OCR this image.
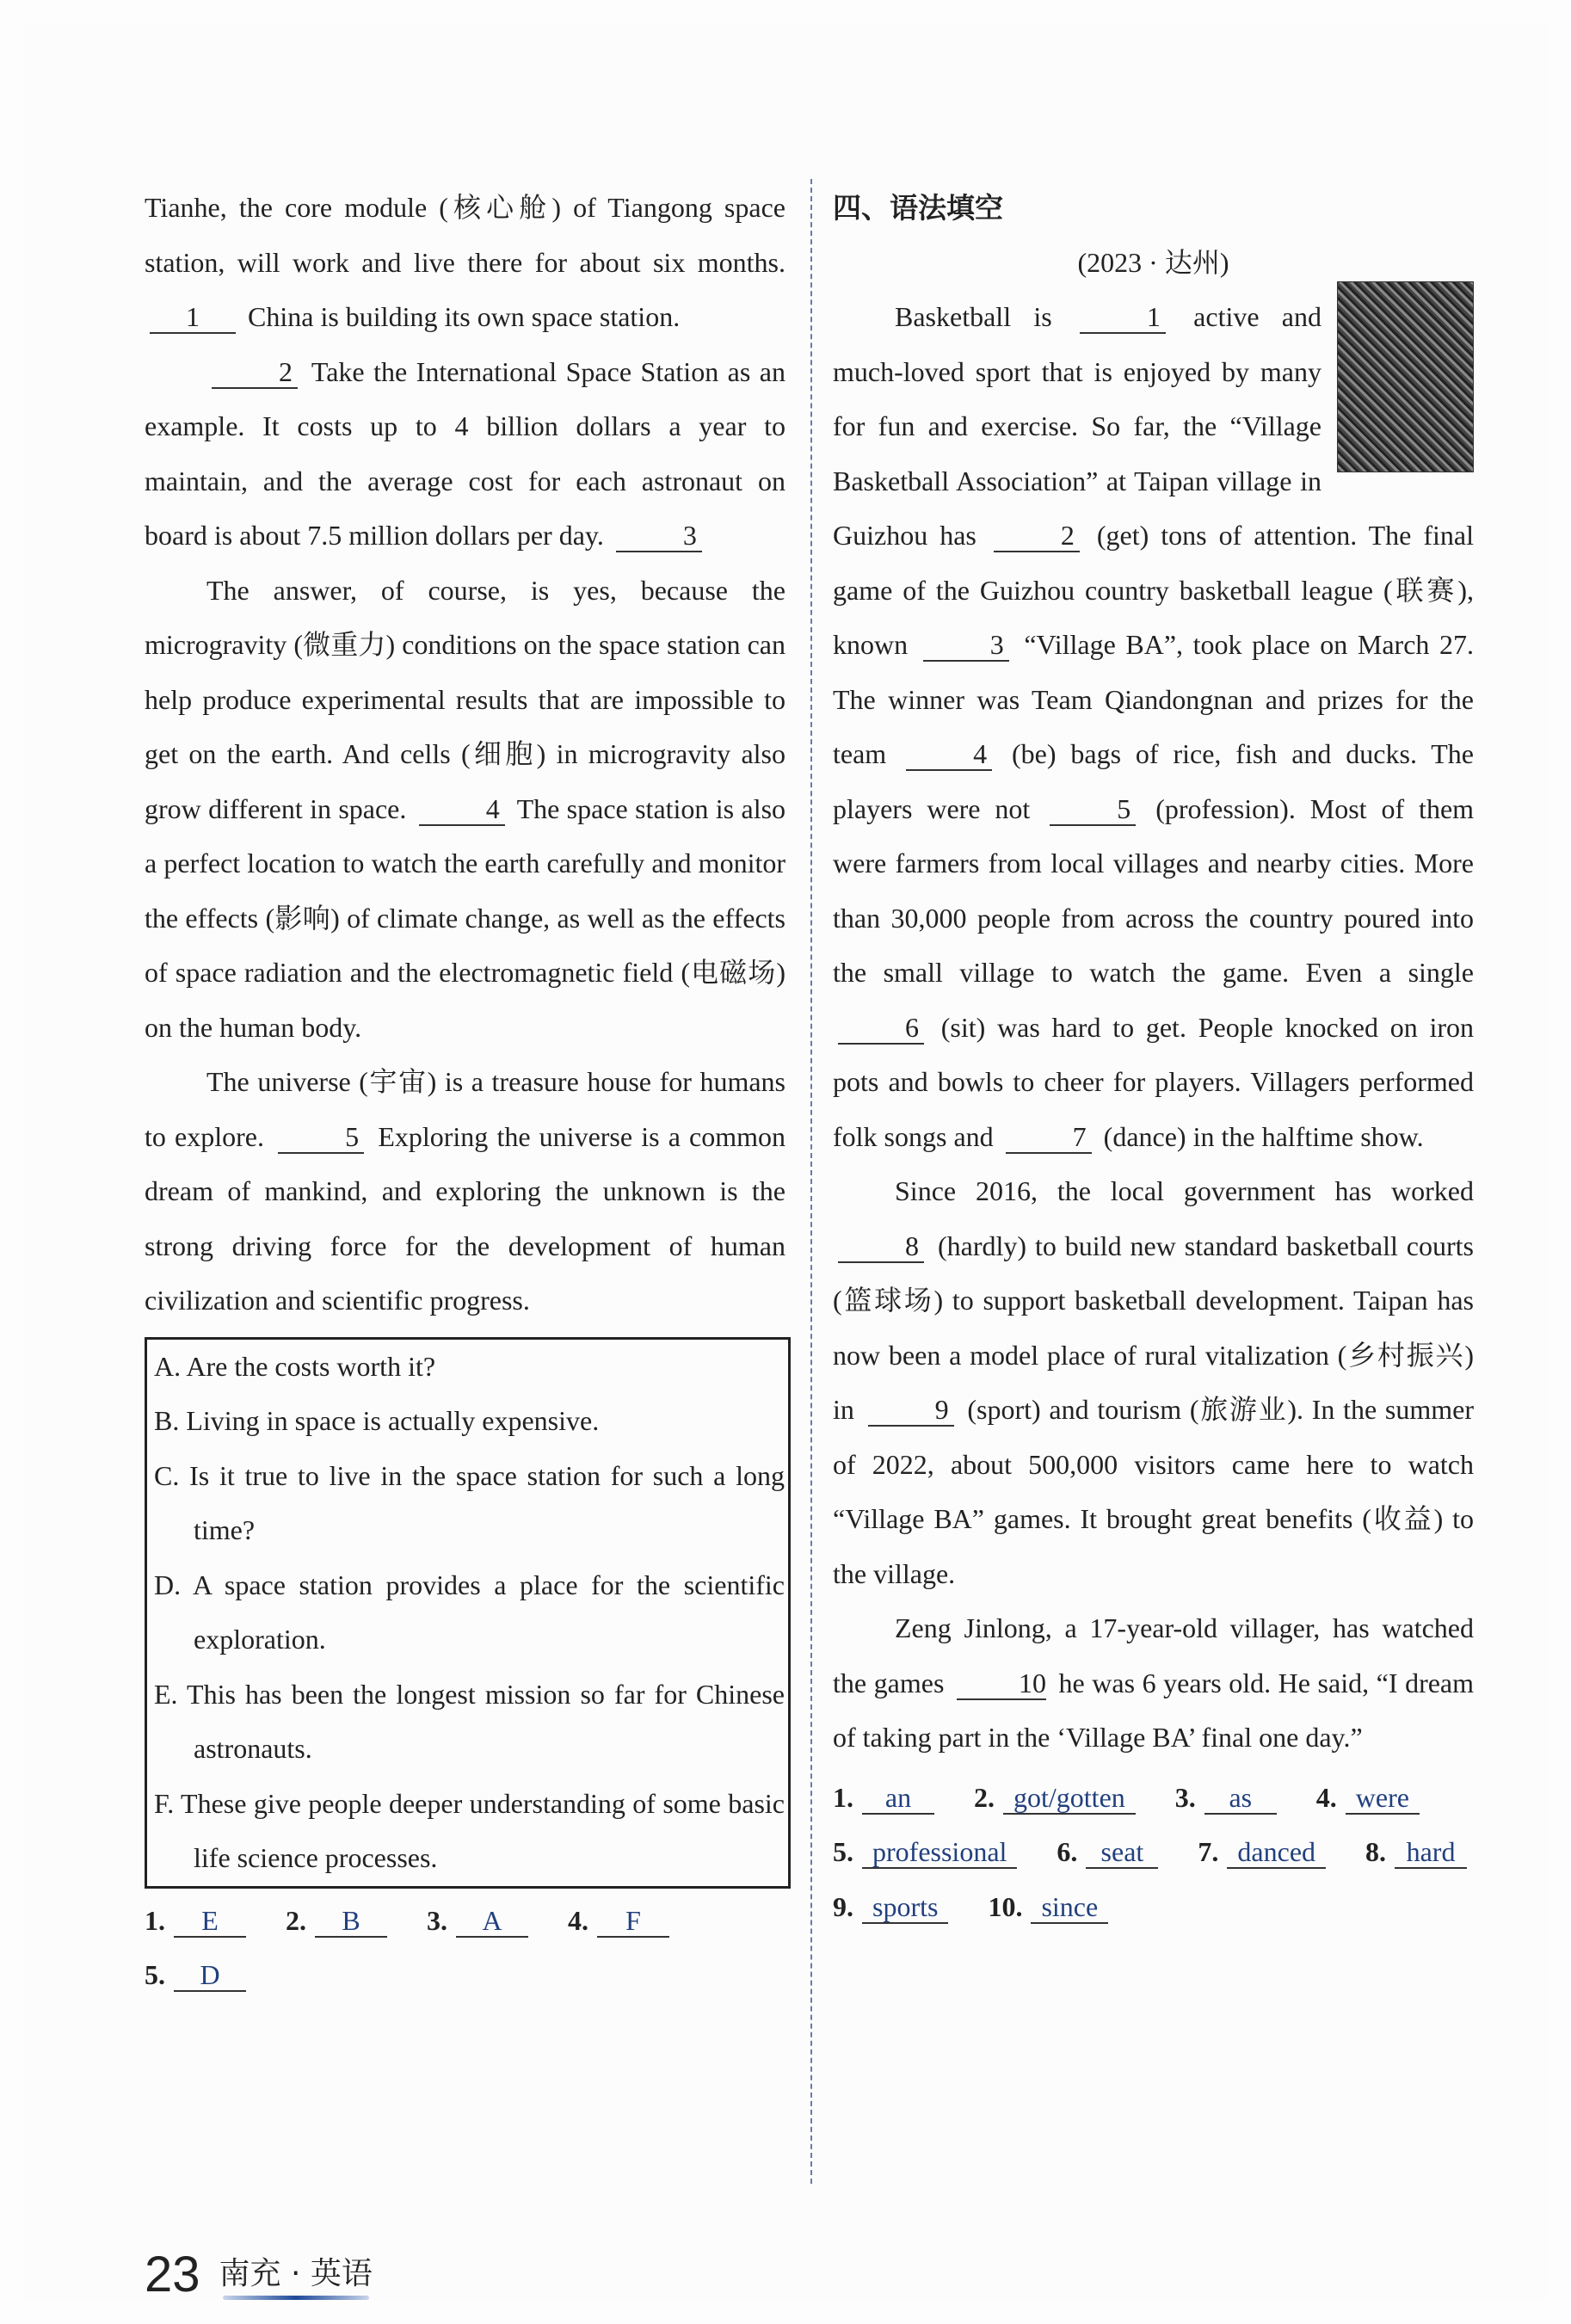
Tianhe, the core module (核心舱) of Tiangong space station, will work and live there for about six months. 1 China is building its own space station.

2 Take the International Space Station as an example. It costs up to 4 billion dollars a year to maintain, and the average cost for each astronaut on board is about 7.5 million dollars per day.	3

The answer, of course, is yes, because the microgravity (微重力) conditions on the space station can help produce experimental results that are impossible to get on the earth. And cells (细胞) in microgravity also grow different in space.	4 The space station is also a perfect location to watch the earth carefully and monitor the effects (影响) of climate change, as well as the effects of space radiation and the electromagnetic field (电磁场) on the human body.

The universe (宇宙) is a treasure house for humans to explore.	5 Exploring the universe is a common dream of mankind, and exploring the unknown is the strong driving force for the development of human civilization and scientific progress.

A. Are the costs worth it?
B. Living in space is actually expensive.
C. Is it true to live in the space station for such a long time?
D. A space station provides a place for the scientific exploration.
E. This has been the longest mission so far for Chinese astronauts.
F. These give people deeper understanding of some basic life science processes.
1. E	2. B	3. A	4. F
5. D
四、语法填空
(2023 · 达州)

Basketball is	1 active and much-loved sport that is enjoyed by many for fun and exercise. So far, the “Village Basketball Association” at Taipan village in Guizhou has	2 (get) tons of attention. The final game of the Guizhou country basketball league (联赛), known	3 “Village BA”, took place on March 27. The winner was Team Qiandongnan and prizes for the team	4 (be) bags of rice, fish and ducks. The players were not	5 (profession). Most of them were farmers from local villages and nearby cities. More than 30,000 people from across the country poured into the small village to watch the game. Even a single 6 (sit) was hard to get. People knocked on iron pots and bowls to cheer for players. Villagers performed folk songs and	7 (dance) in the halftime show.

Since 2016, the local government has worked 8 (hardly) to build new standard basketball courts (篮球场) to support basketball development. Taipan has now been a model place of rural vitalization (乡村振兴) in	9 (sport) and tourism (旅游业). In the summer of 2022, about 500,000 visitors came here to watch “Village BA” games. It brought great benefits (收益) to the village.

Zeng Jinlong, a 17-year-old villager, has watched the games	10 he was 6 years old. He said, “I dream of taking part in the ‘Village BA’ final one day.”

1. an	2. got/gotten	3. as	4. were
5. professional	6. seat	7. danced	8. hard
9. sports	10. since
23 南充 · 英语
